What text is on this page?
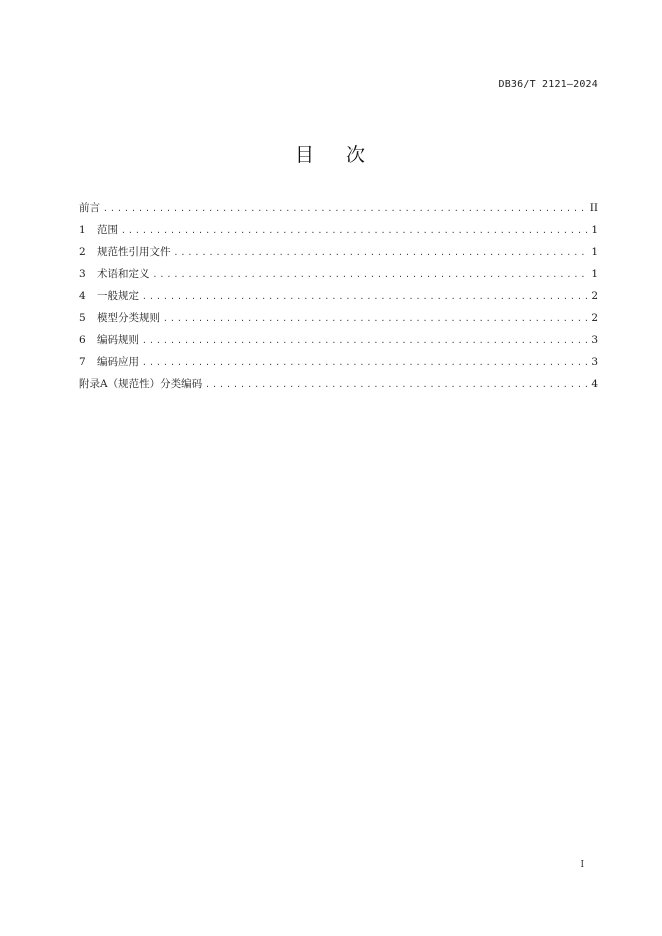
DB36/T 2121—2024
目 次
前言 .....	II
1	范围 .....	1
2	规范性引用文件 .....	1
3	术语和定义 .....	1
4	一般规定 .....	2
5	模型分类规则 .....	2
6	编码规则 .....	3
7	编码应用 .....	3
附录A（规范性）分类编码 .....	4
I
